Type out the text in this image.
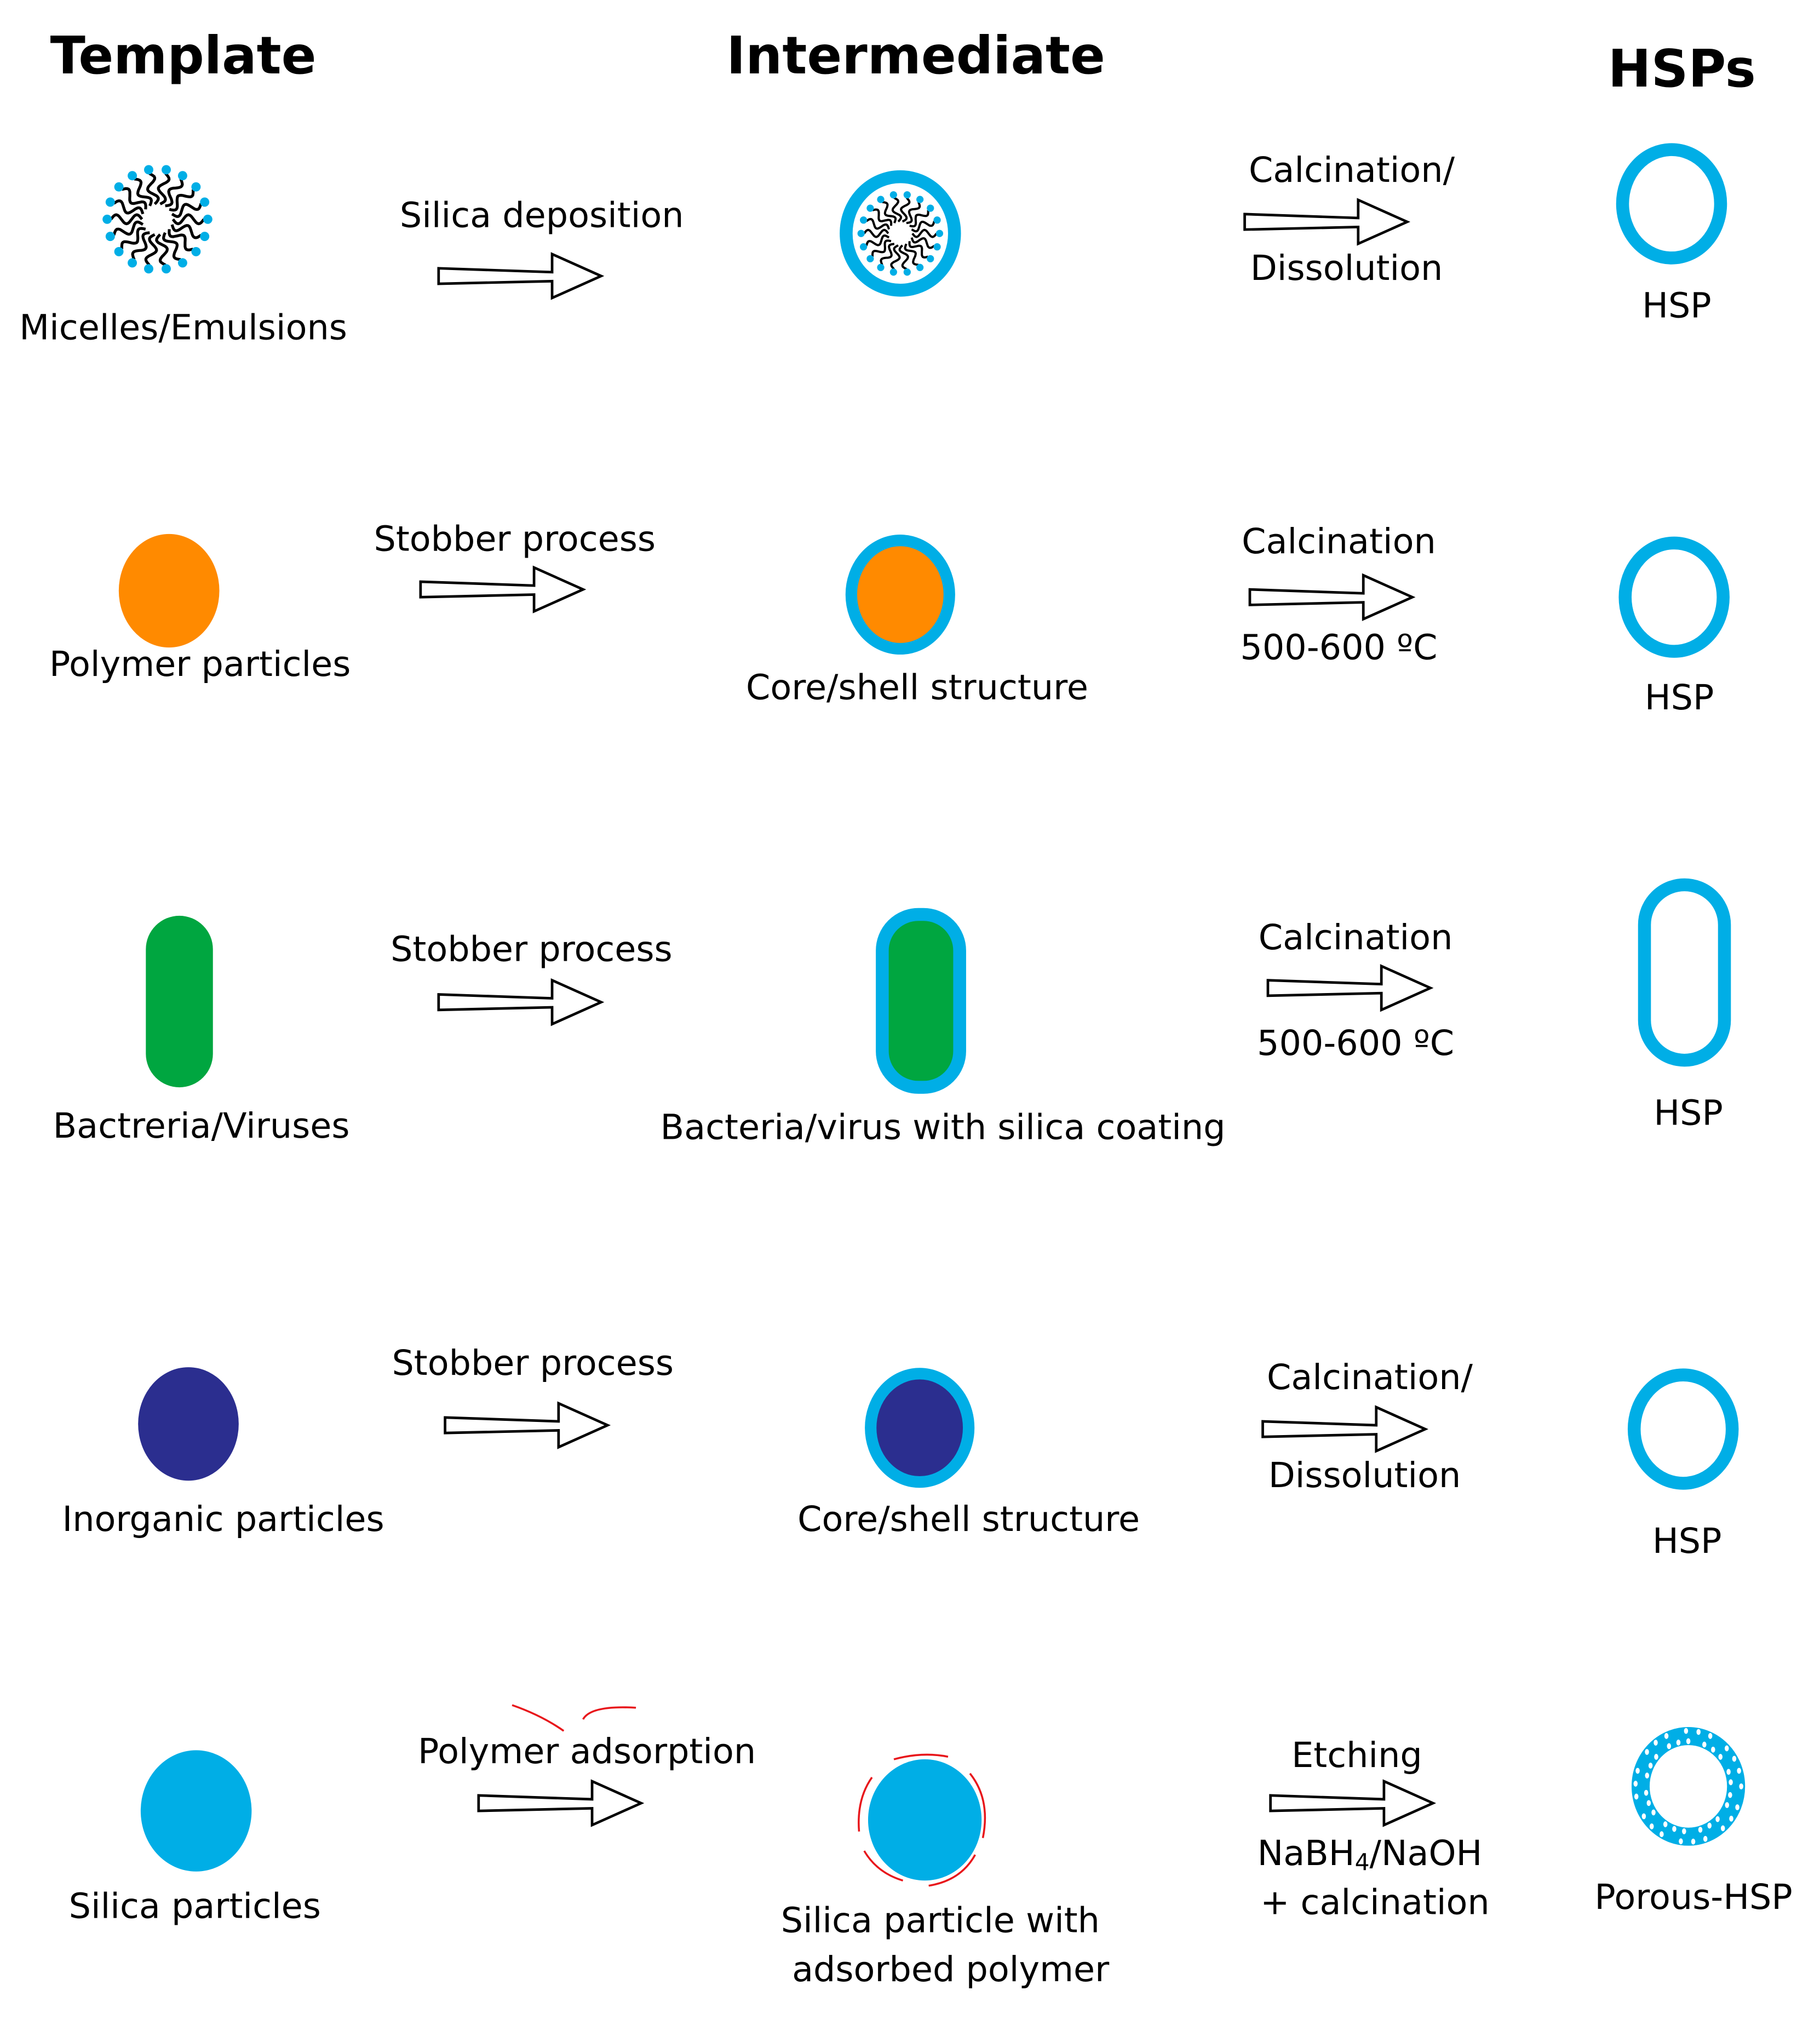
Template	Intermediate	HSPs
Micelles/Emulsions
Silica deposition
Calcination/
Dissolution
HSP
Polymer particles
Stobber process
Core/shell structure
Calcination
500-600 ºC
HSP
Bactreria/Viruses
Stobber process
Bacteria/virus with silica coating
Calcination
500-600 ºC
HSP
Inorganic particles
Stobber process
Core/shell structure
Calcination/
Dissolution
HSP
Silica particles
Polymer adsorption
Silica particle with
adsorbed polymer
Etching
NaBH4/NaOH
+ calcination	Porous-HSP
